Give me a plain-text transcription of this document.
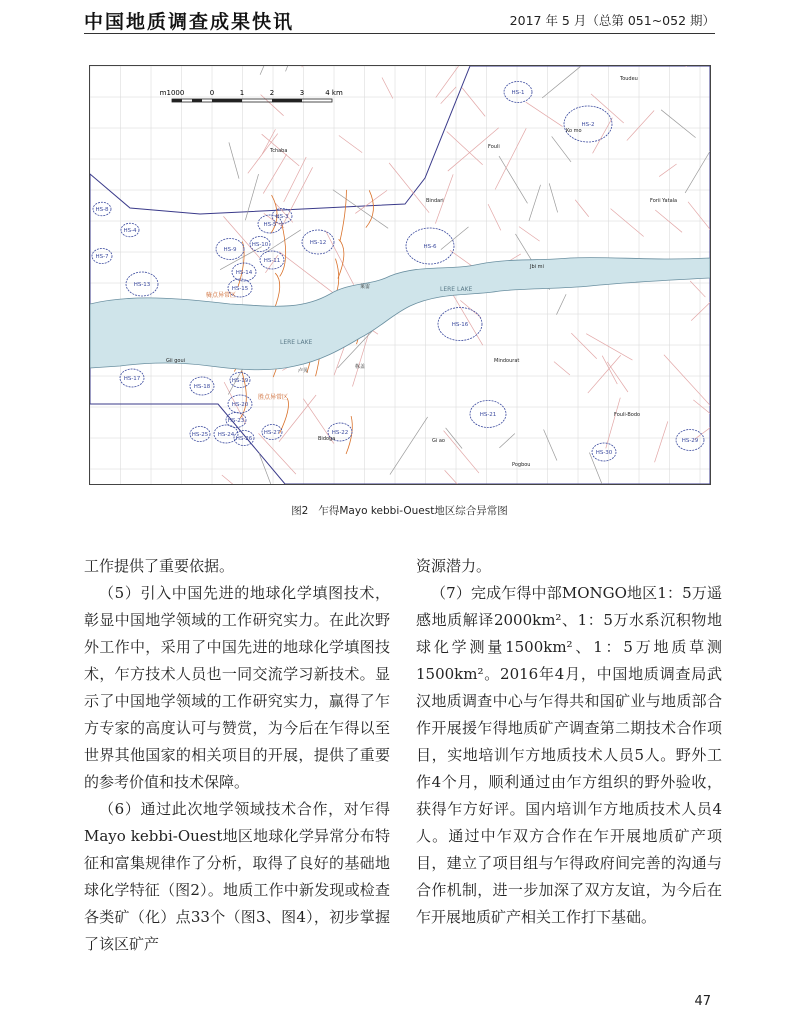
中国地质调查成果快讯	2017 年 5 月（总第 051~052 期）
m1000	0	1	2	3	4 km
LERE LAKE
LERE LAKE
HS-1
HS-2
HS-3
HS-4
HS-5
HS-6
HS-7
HS-8
HS-9
HS-10
HS-11
HS-12
HS-13
HS-14
HS-15
HS-16
HS-17
HS-18
HS-19
HS-20
HS-21
HS-22
HS-23
HS-24
HS-25
HS-26
HS-27
HS-29
HS-30
莱雷
栋盖
卢贝
Gii goui
Ko mo
Bindari
Mindourat
Fouli
Gi ao
Pogbou
Toudeu
Tchaba
Forii Yatala
Fouli-Bodo
Bidoga
Jbi mi
骑点异常区
胜点异常区
图2 乍得Mayo kebbi-Ouest地区综合异常图

工作提供了重要依据。

（5）引入中国先进的地球化学填图技术，彰显中国地学领域的工作研究实力。在此次野外工作中，采用了中国先进的地球化学填图技术，乍方技术人员也一同交流学习新技术。显示了中国地学领域的工作研究实力，赢得了乍方专家的高度认可与赞赏，为今后在乍得以至世界其他国家的相关项目的开展，提供了重要的参考价值和技术保障。

（6）通过此次地学领域技术合作，对乍得Mayo kebbi-Ouest地区地球化学异常分布特征和富集规律作了分析，取得了良好的基础地球化学特征（图2）。地质工作中新发现或检查各类矿（化）点33个（图3、图4），初步掌握了该区矿产

资源潜力。

（7）完成乍得中部MONGO地区1：5万遥感地质解译2000km²、1：5万水系沉积物地球化学测量1500km²、1：5万地质草测1500km²。2016年4月，中国地质调查局武汉地质调查中心与乍得共和国矿业与地质部合作开展援乍得地质矿产调查第二期技术合作项目，实地培训乍方地质技术人员5人。野外工作4个月，顺利通过由乍方组织的野外验收，获得乍方好评。国内培训乍方地质技术人员4人。通过中乍双方合作在乍开展地质矿产项目，建立了项目组与乍得政府间完善的沟通与合作机制，进一步加深了双方友谊，为今后在乍开展地质矿产相关工作打下基础。

47
